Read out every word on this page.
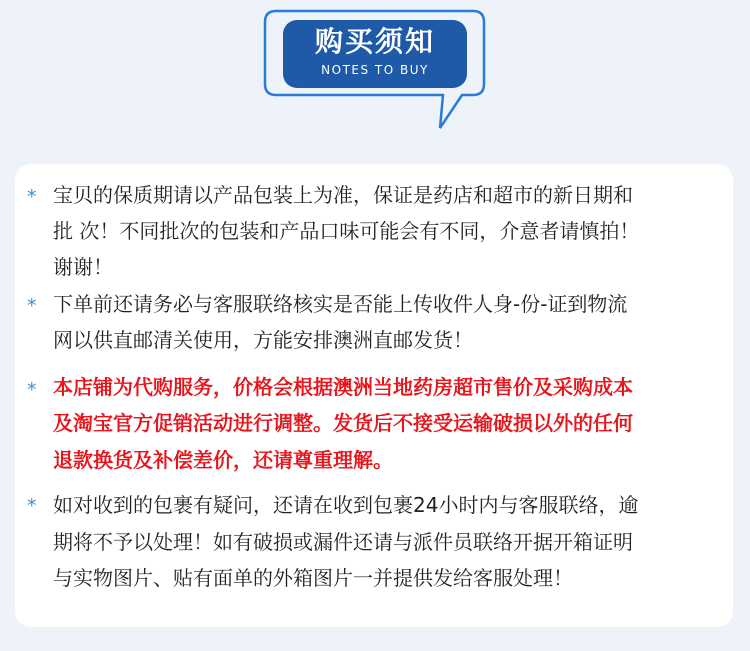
购买须知
NOTES TO BUY
* 宝贝的保质期请以产品包装上为准，保证是药店和超市的新日期和
批 次！不同批次的包装和产品口味可能会有不同，介意者请慎拍！
谢谢！
* 下单前还请务必与客服联络核实是否能上传收件人身-份-证到物流
网以供直邮清关使用，方能安排澳洲直邮发货！
* 本店铺为代购服务，价格会根据澳洲当地药房超市售价及采购成本
及淘宝官方促销活动进行调整。发货后不接受运输破损以外的任何
退款换货及补偿差价，还请尊重理解。
* 如对收到的包裹有疑问，还请在收到包裹24小时内与客服联络，逾
期将不予以处理！如有破损或漏件还请与派件员联络开据开箱证明
与实物图片、贴有面单的外箱图片一并提供发给客服处理！
